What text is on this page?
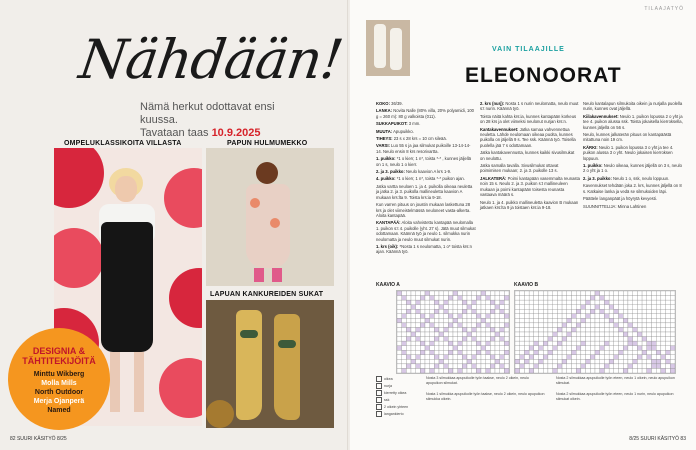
Nähdään!
Nämä herkut odottavat ensi kuussa.
Tavataan taas 10.9.2025
OMPELUKLASSIKOITA VILLASTA	PAPUN HULMUMEKKO
LAPUAN KANKUREIDEN SUKAT
DESIGNIA &
TÄHTITEKIJÖITÄ
Minttu Wikberg
Molla Mills
North Outdoor
Merja Ojanperä
Named
82 SUURI KÄSITYÖ 8/25
TILAAJATYÖ
VAIN TILAAJILLE
ELEONOORAT
KOKO: 36/39.
LANKA: Novita Nalle (80% villa, 20% polyamidi, 100 g = 260 m): 80 g valkoista (011).
SUKKAPUIKOT: 3 mm.
MUUTA: Apupuikko.
TIHEYS: 23 s x 28 krs = 10 cm sileää.
VARSI: Luo 55 s ja jaa silmukat puikoille 13-14-14-14. Neulo ensin 8 krs resorivartta.
1. puikko: *1 o kierr, 1 n*, toista *-* , kunnes jäljellä on 1 s, neulo 1 o kierr.
2. ja 3. puikko: Neulo kaavion A krs 1-9.
4. puikko: *1 o kierr, 1 n*, toista *-* puikon ajan.
Jatka varttа neuloen 1. ja 4. puikolla oikeaa neuletta ja jatka 2. ja 3. puikolla mallineuletta kaavion A mukaan krs:lta 9. Toista krs:ia 9-18.
Kun varren pituus on joustin mukaan laskettuna 28 krs ja olet viimeistelmässä neuloneet vasta-alkerta. Aloita kantapää.
KANTAPÄÄ: Aloita vahvistettu kantapää neulomalla 1. puikon s:t 4. puikolle (yht. 27 s). Jätä muut silmukat odottamaan. Käännä työ ja neulo 1. silmukka nurin neulomatta ja neulo muut silmukat nurin.
1. krs (oik): *Nosta 1 s neulomatta, 1 o* toista krs:n ajan. Käännä työ.
2. krs (nurj): Nosta 1 s nurin neulomatta, neulo muut s:t nurin. Käännä työ.
Toista näitä kahta krs:ia, kunnes kantapään korkeus on 28 krs ja olet viimeksi neulonut nurjan krs:n.
Kantakavennukset: Jatka samaa vahvennettua neuletta. Lähde neulomaan oikeaa puolta, kunnes puikolla on jäljellä 9 s. Tee ssk. Käännä työ. Toisella puolella jää 7 s odottamaan.
Jatka kantakavennusta, kunnes kaikki sivusilmukat on neulottu.
Jatka samalla tavalla. Sivusilmukat ottavat poimimisen mukaan; 2. ja 3. puikolle 13 s.
JALKATERÄ: Poimi kantapään vasemmalta reunasta noin 15 s. Neulo 2. ja 3. puikon s:t mallineuleen mukaan ja poimi kantapään toisesta reunasta vastaava määrä s.
Neulo 1. ja 4. puikko mallineuletta kaavion B mukaan jatkaen krs:lta 9 ja toistaen krs:ia 9-18.
Neulo kantalapun silmukoita oikein ja nurjalla puolella nurin, kunnes ovat jäljellä.
Kiilakavennukset: Neulo 1. puikon lopussa 2 o yht ja tee 4. puikon alussa ssk. Toista jokaisella kierroksella, kunnes jäljellä on 56 s.
Neulo, kunnes jalkaterän pituus on kantapäästä mitattuna noin 19 cm.
KÄRKI: Neulo 1. puikon lopussa 3 o yht ja tee 4. puikon alussa 3 o yht. Neulo jokaisen kierroksen loppuun.
1. puikko: Neulo oikeaa, kunnes jäljellä on 3 s, neulo 2 o yht ja 1 o.
2. ja 3. puikko: Neulo 1 o, ssk, neulo loppuun.
Kavennukset tehdään joka 2. krs, kunnes jäljellä on 8 s. Katkaise lanka ja vedä se silmukoiden läpi.
Päättele langanpäät ja höyrytä kevyesti.
SUUNNITTELIJA: Minna Lahtinen
KAAVIO A	KAAVIO B
oikea
nurja
kierretty oikea
ssk
2 oikein yhteen
langankierto
Nosta 3 silmukkaa apupuikolle työn taakse, neulo 2 oikein, neulo apupuikon silmukat.
Nosta 2 silmukkaa apupuikolle työn eteen, neulo 1 oikein, neulo apupuikon silmukat.
Nosta 1 silmukka apupuikolle työn taakse, neulo 2 oikein, neulo apupuikon silmukka oikein.
Nosta 2 silmukkaa apupuikolle työn eteen, neulo 1 nurin, neulo apupuikon silmukat oikein.
8/25 SUURI KÄSITYÖ 83
